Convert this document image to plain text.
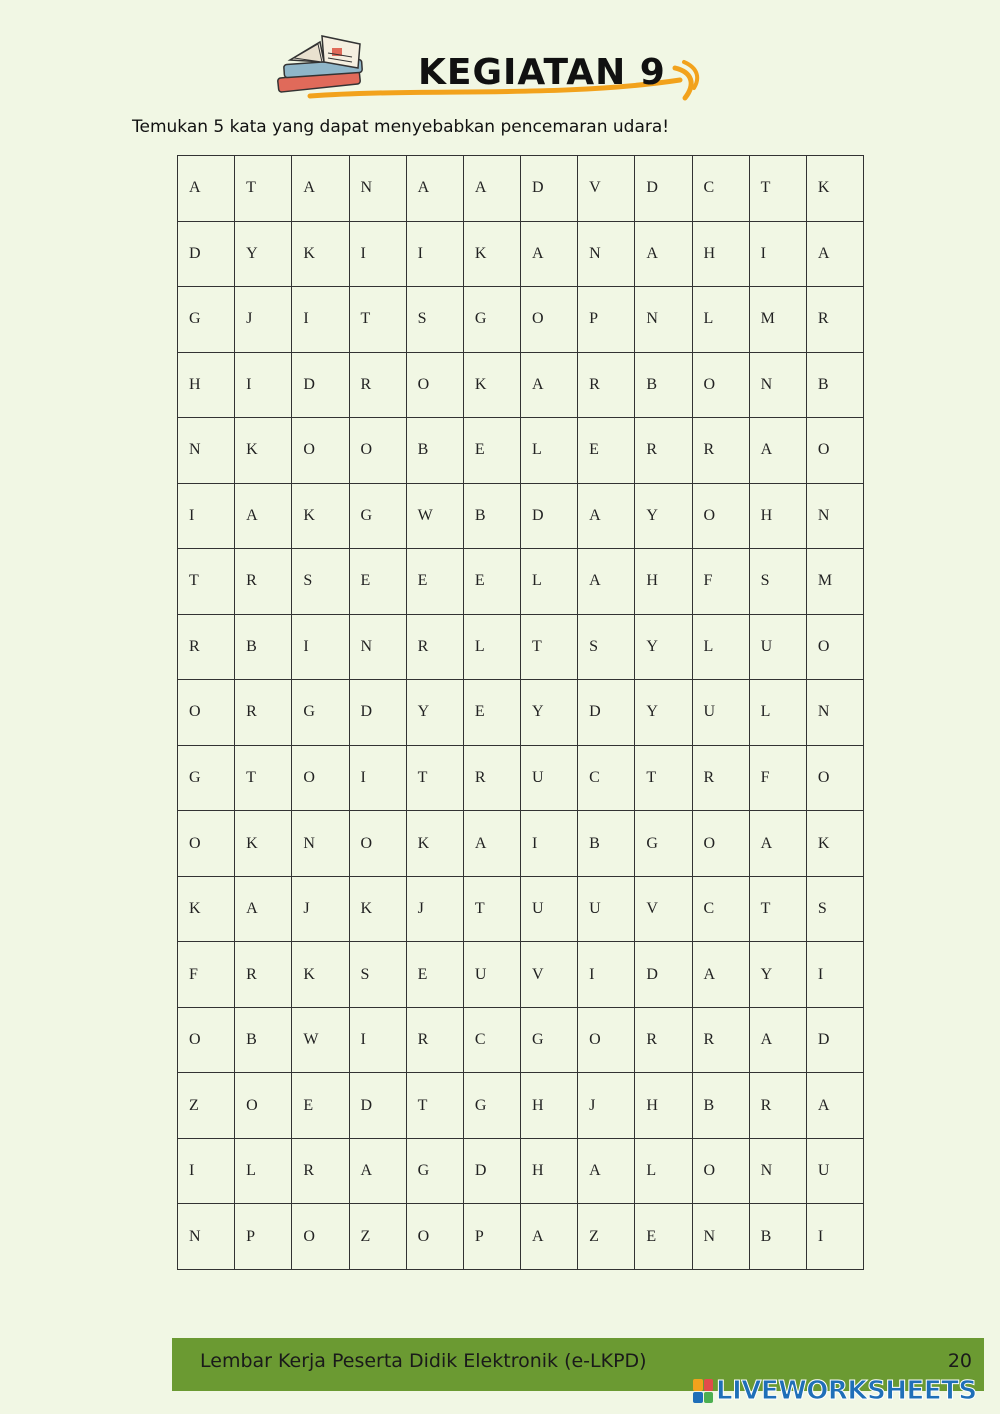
KEGIATAN 9
Temukan 5 kata yang dapat menyebabkan pencemaran udara!
A	T	A	N	A	A	D	V	D	C	T	K
D	Y	K	I	I	K	A	N	A	H	I	A
G	J	I	T	S	G	O	P	N	L	M	R
H	I	D	R	O	K	A	R	B	O	N	B
N	K	O	O	B	E	L	E	R	R	A	O
I	A	K	G	W	B	D	A	Y	O	H	N
T	R	S	E	E	E	L	A	H	F	S	M
R	B	I	N	R	L	T	S	Y	L	U	O
O	R	G	D	Y	E	Y	D	Y	U	L	N
G	T	O	I	T	R	U	C	T	R	F	O
O	K	N	O	K	A	I	B	G	O	A	K
K	A	J	K	J	T	U	U	V	C	T	S
F	R	K	S	E	U	V	I	D	A	Y	I
O	B	W	I	R	C	G	O	R	R	A	D
Z	O	E	D	T	G	H	J	H	B	R	A
I	L	R	A	G	D	H	A	L	O	N	U
N	P	O	Z	O	P	A	Z	E	N	B	I
Lembar Kerja Peserta Didik Elektronik (e-LKPD)	20
LIVEWORKSHEETS
